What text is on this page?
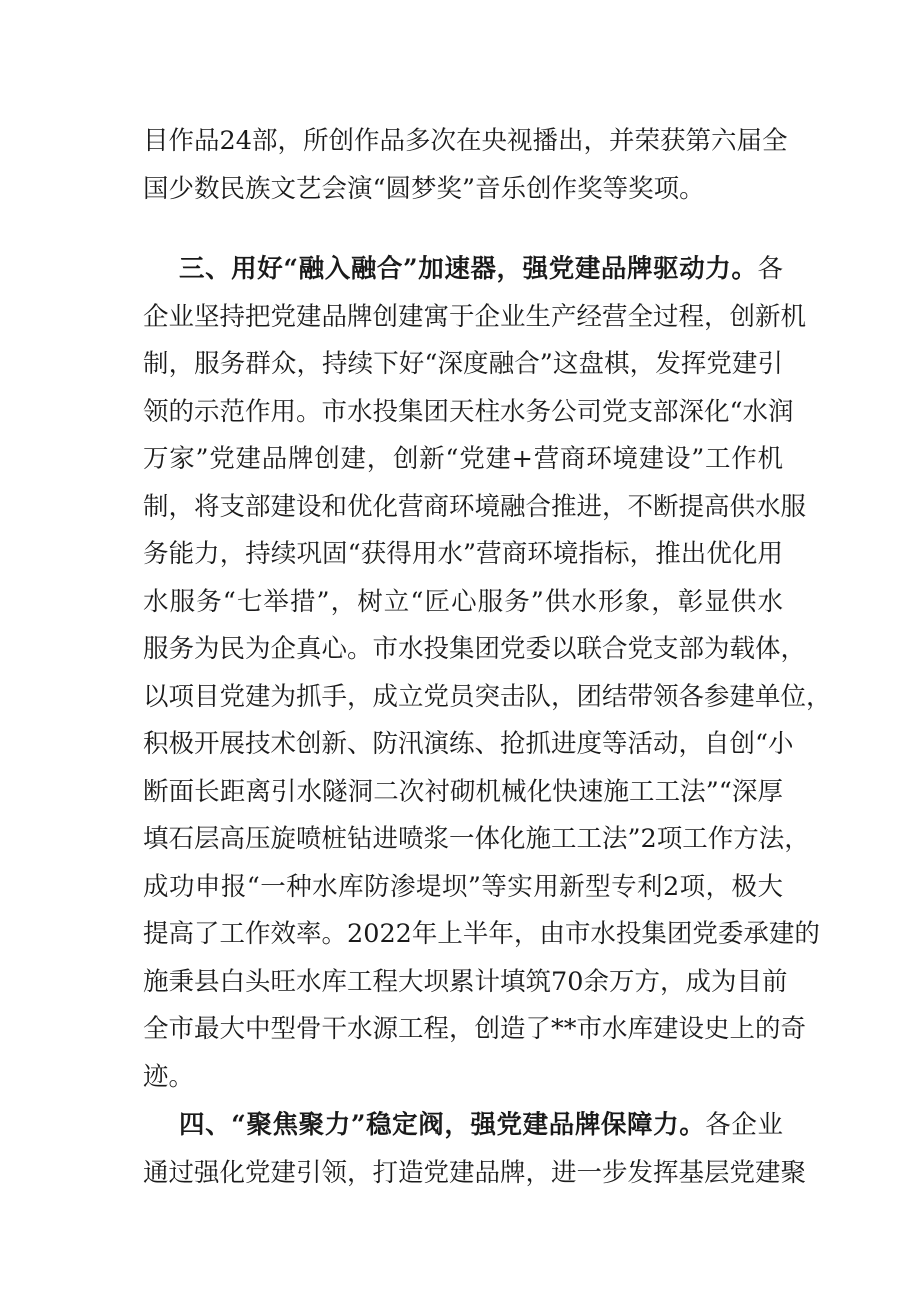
目作品24部，所创作品多次在央视播出，并荣获第六届全
国少数民族文艺会演“圆梦奖”音乐创作奖等奖项。
三、用好“融入融合”加速器，强党建品牌驱动力。各
企业坚持把党建品牌创建寓于企业生产经营全过程，创新机
制，服务群众，持续下好“深度融合”这盘棋，发挥党建引
领的示范作用。市水投集团天柱水务公司党支部深化“水润
万家”党建品牌创建，创新“党建+营商环境建设”工作机
制，将支部建设和优化营商环境融合推进，不断提高供水服
务能力，持续巩固“获得用水”营商环境指标，推出优化用
水服务“七举措”，树立“匠心服务”供水形象，彰显供水
服务为民为企真心。市水投集团党委以联合党支部为载体，
以项目党建为抓手，成立党员突击队，团结带领各参建单位，
积极开展技术创新、防汛演练、抢抓进度等活动，自创“小
断面长距离引水隧洞二次衬砌机械化快速施工工法”“深厚
填石层高压旋喷桩钻进喷浆一体化施工工法”2项工作方法，
成功申报“一种水库防渗堤坝”等实用新型专利2项，极大
提高了工作效率。2022年上半年，由市水投集团党委承建的
施秉县白头旺水库工程大坝累计填筑70余万方，成为目前
全市最大中型骨干水源工程，创造了**市水库建设史上的奇
迹。
四、“聚焦聚力”稳定阀，强党建品牌保障力。各企业
通过强化党建引领，打造党建品牌，进一步发挥基层党建聚
